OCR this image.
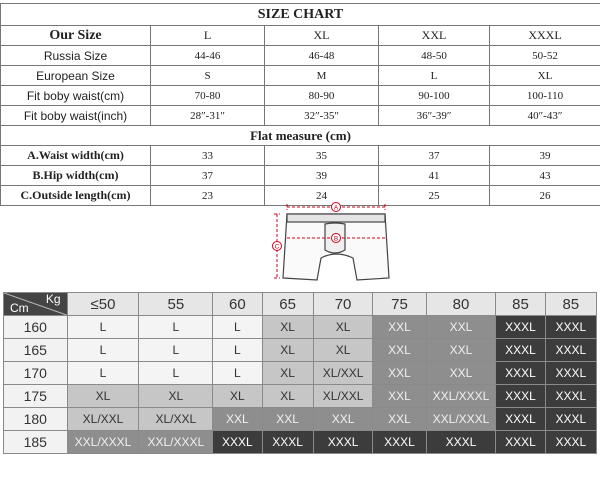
SIZE CHART				
Our Size	L	XL	XXL	XXXL
Russia Size	44-46	46-48	48-50	50-52
European Size	S	M	L	XL
Fit boby waist(cm)	70-80	80-90	90-100	100-110
Fit boby waist(inch)	28″-31″	32″-35″	36″-39″	40″-43″
Flat measure (cm)				
A.Waist width(cm)	33	35	37	39
B.Hip width(cm)	37	39	41	43
C.Outside length(cm)	23	24	25	26
A
B
C
Kg
Cm	≤50	55	60	65	70	75	80	85	85
160	L	L	L	XL	XL	XXL	XXL	XXXL	XXXL
165	L	L	L	XL	XL	XXL	XXL	XXXL	XXXL
170	L	L	L	XL	XL/XXL	XXL	XXL	XXXL	XXXL
175	XL	XL	XL	XL	XL/XXL	XXL	XXL/XXXL	XXXL	XXXL
180	XL/XXL	XL/XXL	XXL	XXL	XXL	XXL	XXL/XXXL	XXXL	XXXL
185	XXL/XXXL	XXL/XXXL	XXXL	XXXL	XXXL	XXXL	XXXL	XXXL	XXXL
